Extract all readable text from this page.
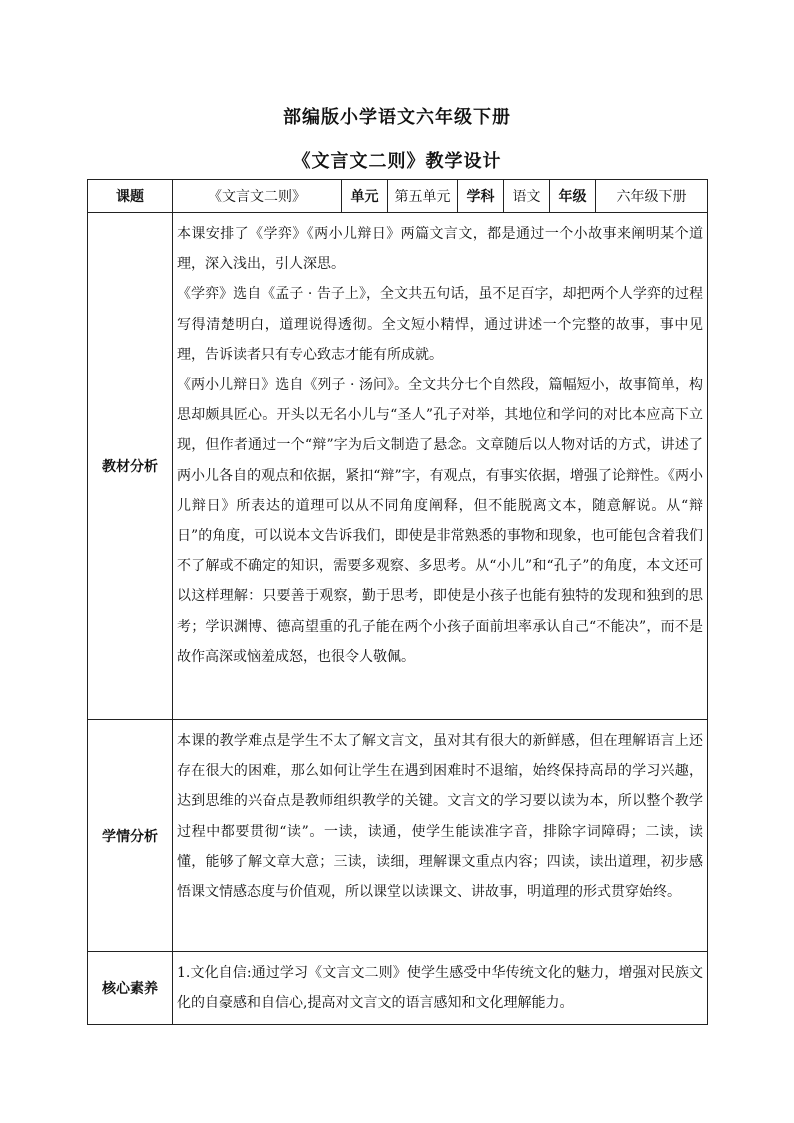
部编版小学语文六年级下册
《文言文二则》教学设计
课题	《文言文二则》	单元	第五单元	学科	语文	年级	六年级下册
教材分析	本课安排了《学弈》《两小儿辩日》两篇文言文，都是通过一个小故事来阐明某个道理，深入浅出，引人深思。

《学弈》选自《孟子 · 告子上》，全文共五句话，虽不足百字，却把两个人学弈的过程写得清楚明白，道理说得透彻。全文短小精悍，通过讲述一个完整的故事，事中见理，告诉读者只有专心致志才能有所成就。

《两小儿辩日》选自《列子 · 汤问》。全文共分七个自然段，篇幅短小，故事简单，构思却颇具匠心。开头以无名小儿与“圣人”孔子对举，其地位和学问的对比本应高下立现，但作者通过一个“辩”字为后文制造了悬念。文章随后以人物对话的方式，讲述了两小儿各自的观点和依据，紧扣“辩”字，有观点，有事实依据，增强了论辩性。《两小儿辩日》所表达的道理可以从不同角度阐释，但不能脱离文本，随意解说。从“辩日”的角度，可以说本文告诉我们，即使是非常熟悉的事物和现象，也可能包含着我们不了解或不确定的知识，需要多观察、多思考。从“小儿”和“孔子”的角度，本文还可以这样理解：只要善于观察，勤于思考，即使是小孩子也能有独特的发现和独到的思考；学识渊博、德高望重的孔子能在两个小孩子面前坦率承认自己“不能决”，而不是故作高深或恼羞成怒，也很令人敬佩。						

学情分析	本课的教学难点是学生不太了解文言文，虽对其有很大的新鲜感，但在理解语言上还存在很大的困难，那么如何让学生在遇到困难时不退缩，始终保持高昂的学习兴趣，达到思维的兴奋点是教师组织教学的关键。文言文的学习要以读为本，所以整个教学过程中都要贯彻“读”。一读，读通，使学生能读准字音，排除字词障碍；二读，读懂，能够了解文章大意；三读，读细，理解课文重点内容；四读，读出道理，初步感悟课文情感态度与价值观，所以课堂以读课文、讲故事，明道理的形式贯穿始终。						

核心素养	1.文化自信:通过学习《文言文二则》使学生感受中华传统文化的魅力，增强对民族文化的自豪感和自信心,提高对文言文的语言感知和文化理解能力。						
